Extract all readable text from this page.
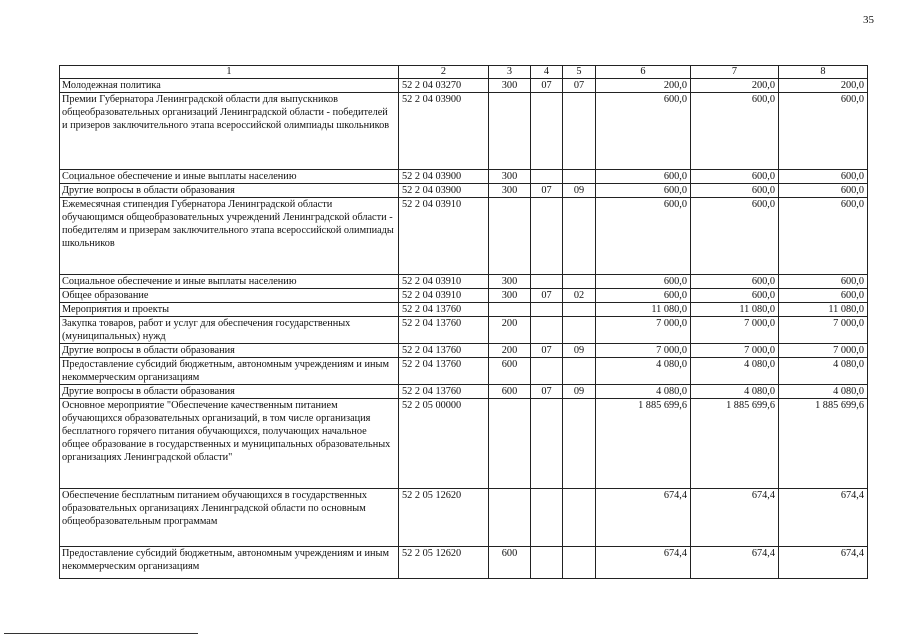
35
1	2	3	4	5	6	7	8
Молодежная политика	52 2 04 03270	300	07	07	200,0	200,0	200,0
Премии Губернатора Ленинградской области для выпускников общеобразовательных организаций Ленинградской области - победителей и призеров заключительного этапа всероссийской олимпиады школьников	52 2 04 03900				600,0	600,0	600,0
Социальное обеспечение и иные выплаты населению	52 2 04 03900	300			600,0	600,0	600,0
Другие вопросы в области образования	52 2 04 03900	300	07	09	600,0	600,0	600,0
Ежемесячная стипендия Губернатора Ленинградской области обучающимся общеобразовательных учреждений Ленинградской области - победителям и призерам заключительного этапа всероссийской олимпиады школьников	52 2 04 03910				600,0	600,0	600,0
Социальное обеспечение и иные выплаты населению	52 2 04 03910	300			600,0	600,0	600,0
Общее образование	52 2 04 03910	300	07	02	600,0	600,0	600,0
Мероприятия и проекты	52 2 04 13760				11 080,0	11 080,0	11 080,0
Закупка товаров, работ и услуг для обеспечения государственных (муниципальных) нужд	52 2 04 13760	200			7 000,0	7 000,0	7 000,0
Другие вопросы в области образования	52 2 04 13760	200	07	09	7 000,0	7 000,0	7 000,0
Предоставление субсидий бюджетным, автономным учреждениям и иным некоммерческим организациям	52 2 04 13760	600			4 080,0	4 080,0	4 080,0
Другие вопросы в области образования	52 2 04 13760	600	07	09	4 080,0	4 080,0	4 080,0
Основное мероприятие "Обеспечение качественным питанием обучающихся образовательных организаций, в том числе организация бесплатного горячего питания обучающихся, получающих начальное общее образование в государственных и муниципальных образовательных организациях Ленинградской области"	52 2 05 00000				1 885 699,6	1 885 699,6	1 885 699,6
Обеспечение бесплатным питанием обучающихся в государственных образовательных организациях Ленинградской области по основным общеобразовательным программам	52 2 05 12620				674,4	674,4	674,4
Предоставление субсидий бюджетным, автономным учреждениям и иным некоммерческим организациям	52 2 05 12620	600			674,4	674,4	674,4
